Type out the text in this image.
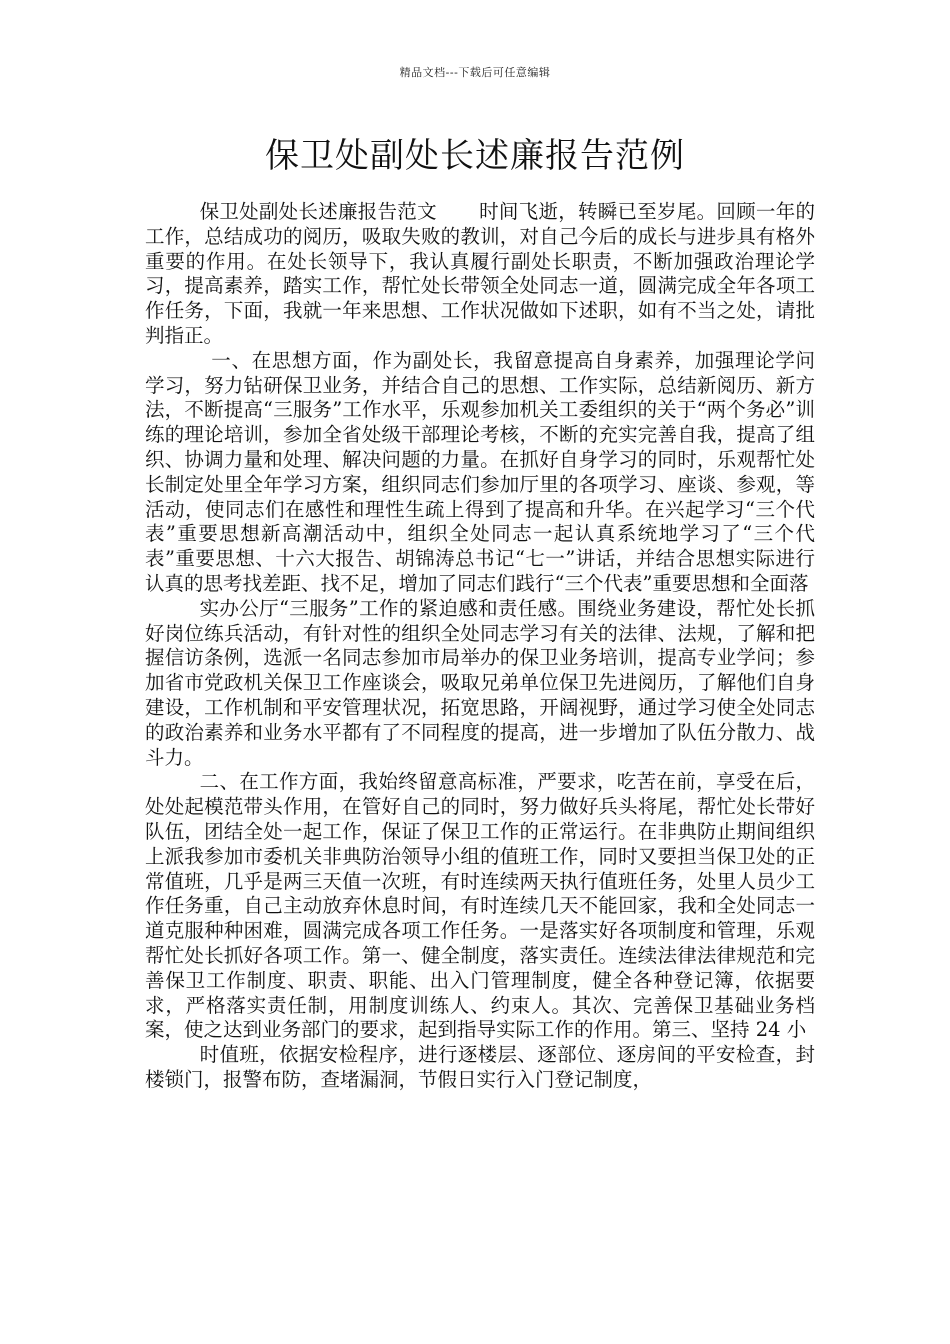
精品文档---下载后可任意编辑
保卫处副处长述廉报告范例

保卫处副处长述廉报告范文 时间飞逝，转瞬已至岁尾。回顾一年的工作，总结成功的阅历，吸取失败的教训，对自己今后的成长与进步具有格外重要的作用。在处长领导下，我认真履行副处长职责，不断加强政治理论学习，提高素养，踏实工作，帮忙处长带领全处同志一道，圆满完成全年各项工作任务，下面，我就一年来思想、工作状况做如下述职，如有不当之处，请批判指正。

一、在思想方面，作为副处长，我留意提高自身素养，加强理论学问学习，努力钻研保卫业务，并结合自己的思想、工作实际，总结新阅历、新方法，不断提高“三服务”工作水平，乐观参加机关工委组织的关于“两个务必”训练的理论培训，参加全省处级干部理论考核，不断的充实完善自我，提高了组织、协调力量和处理、解决问题的力量。在抓好自身学习的同时，乐观帮忙处长制定处里全年学习方案，组织同志们参加厅里的各项学习、座谈、参观，等活动，使同志们在感性和理性生疏上得到了提高和升华。在兴起学习“三个代表”重要思想新高潮活动中，组织全处同志一起认真系统地学习了“三个代表”重要思想、十六大报告、胡锦涛总书记“七一”讲话，并结合思想实际进行认真的思考找差距、找不足，增加了同志们践行“三个代表”重要思想和全面落

实办公厅“三服务”工作的紧迫感和责任感。围绕业务建设，帮忙处长抓好岗位练兵活动，有针对性的组织全处同志学习有关的法律、法规，了解和把握信访条例，选派一名同志参加市局举办的保卫业务培训，提高专业学问；参加省市党政机关保卫工作座谈会，吸取兄弟单位保卫先进阅历，了解他们自身建设，工作机制和平安管理状况，拓宽思路，开阔视野，通过学习使全处同志的政治素养和业务水平都有了不同程度的提高，进一步增加了队伍分散力、战斗力。

二、在工作方面，我始终留意高标准，严要求，吃苦在前，享受在后，处处起模范带头作用，在管好自己的同时，努力做好兵头将尾，帮忙处长带好队伍，团结全处一起工作，保证了保卫工作的正常运行。在非典防止期间组织上派我参加市委机关非典防治领导小组的值班工作，同时又要担当保卫处的正常值班，几乎是两三天值一次班，有时连续两天执行值班任务，处里人员少工作任务重，自己主动放弃休息时间，有时连续几天不能回家，我和全处同志一道克服种种困难，圆满完成各项工作任务。一是落实好各项制度和管理，乐观帮忙处长抓好各项工作。第一、健全制度，落实责任。连续法律法律规范和完善保卫工作制度、职责、职能、出入门管理制度，健全各种登记簿，依据要求，严格落实责任制，用制度训练人、约束人。其次、完善保卫基础业务档案，使之达到业务部门的要求，起到指导实际工作的作用。第三、坚持 24 小

时值班，依据安检程序，进行逐楼层、逐部位、逐房间的平安检查，封楼锁门，报警布防，查堵漏洞，节假日实行入门登记制度，
